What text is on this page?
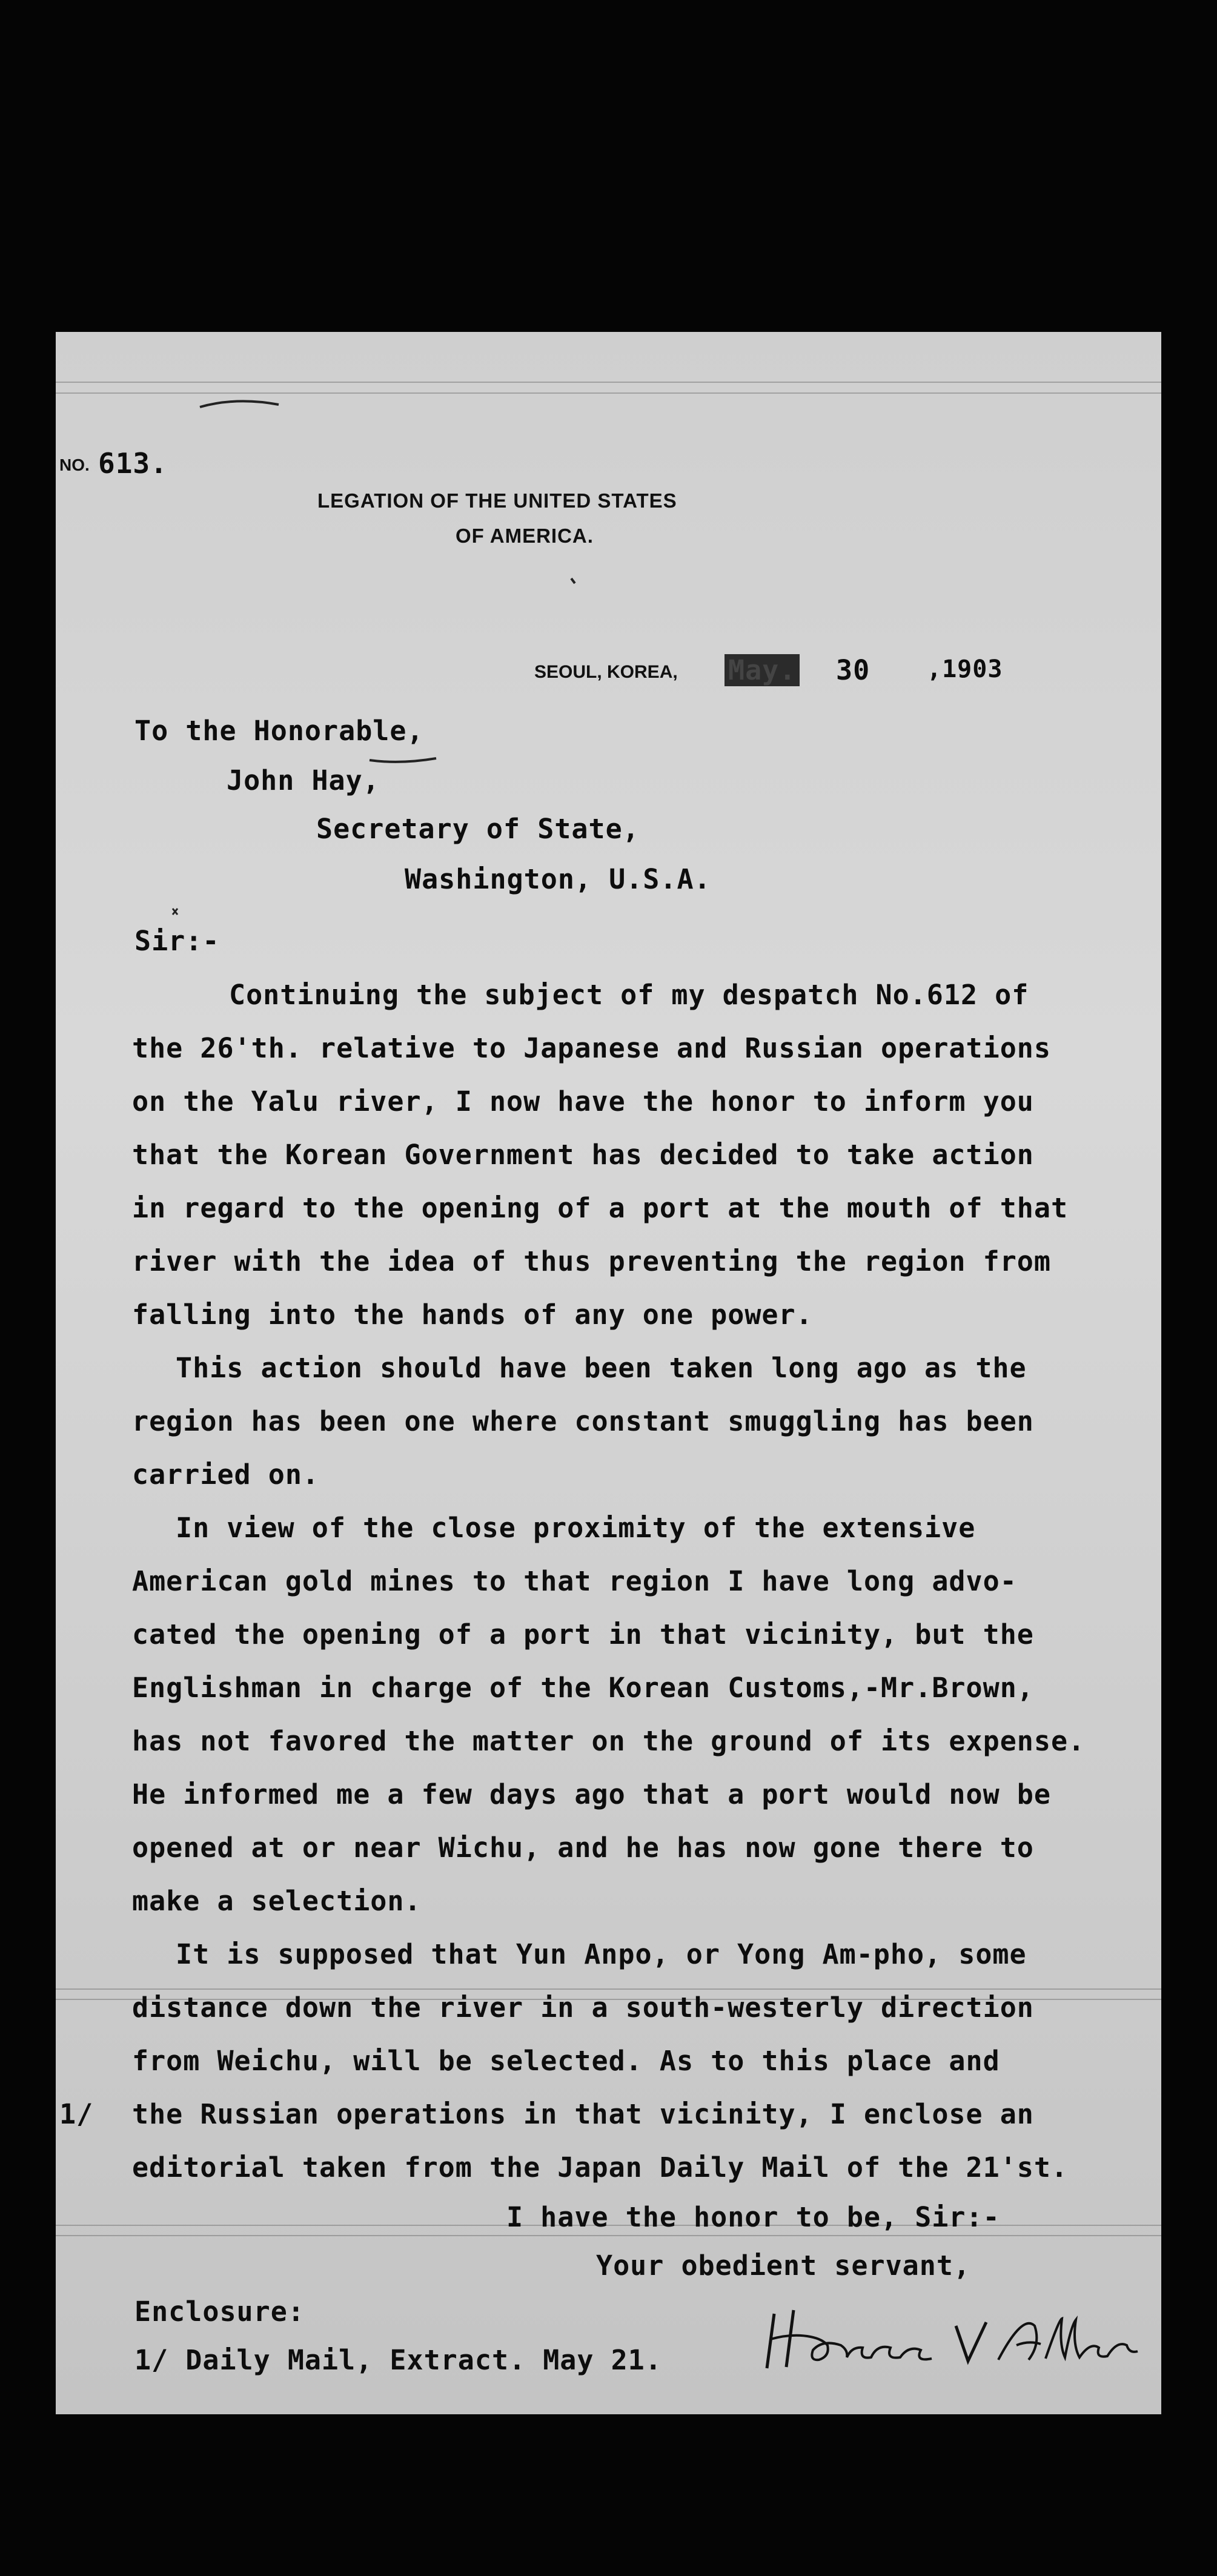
NO. 613.
LEGATION OF THE UNITED STATES
OF AMERICA.
SEOUL, KOREA, May. 30 ,1903
To the Honorable,
John Hay,
Secretary of State,
Washington, U.S.A.
Sir:-
Continuing the subject of my despatch No.612 of
the 26'th. relative to Japanese and Russian operations
on the Yalu river, I now have the honor to inform you
that the Korean Government has decided to take action
in regard to the opening of a port at the mouth of that
river with the idea of thus preventing the region from
falling into the hands of any one power.
This action should have been taken long ago as the
region has been one where constant smuggling has been
carried on.
In view of the close proximity of the extensive
American gold mines to that region I have long advo-
cated the opening of a port in that vicinity, but the
Englishman in charge of the Korean Customs,-Mr.Brown,
has not favored the matter on the ground of its expense.
He informed me a few days ago that a port would now be
opened at or near Wichu, and he has now gone there to
make a selection.
It is supposed that Yun Anpo, or Yong Am-pho, some
distance down the river in a south-westerly direction
from Weichu, will be selected. As to this place and
the Russian operations in that vicinity, I enclose an
editorial taken from the Japan Daily Mail of the 21'st.
1/
I have the honor to be, Sir:-
Your obedient servant,
Enclosure:
1/ Daily Mail, Extract. May 21.
